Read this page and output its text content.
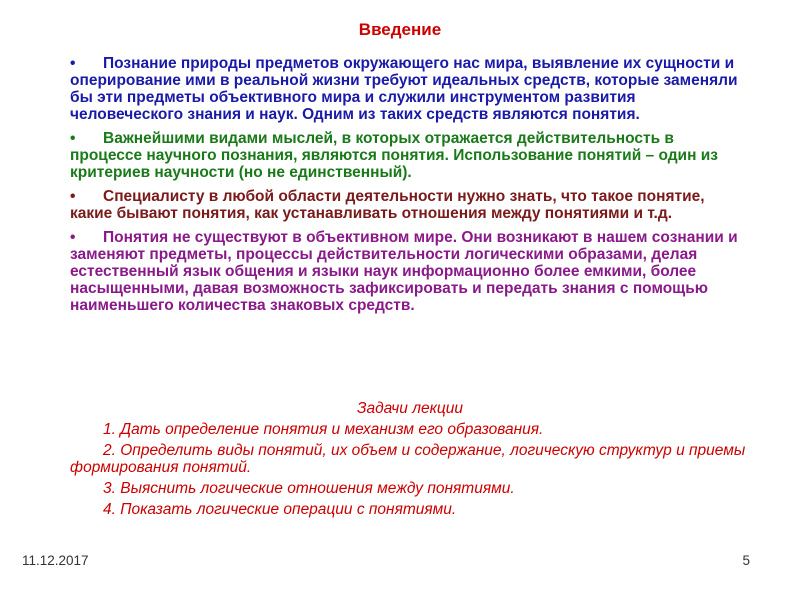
Введение
• Познание природы предметов окружающего нас мира, выявление их сущности и оперирование ими в реальной жизни требуют идеальных средств, которые заменяли бы эти предметы объективного мира и служили инструментом развития человеческого знания и наук. Одним из таких средств являются понятия.
• Важнейшими видами мыслей, в которых отражается действительность в процессе научного познания, являются понятия. Использование понятий – один из критериев научности (но не единственный).
• Специалисту в любой области деятельности нужно знать, что такое понятие, какие бывают понятия, как устанавливать отношения между понятиями и т.д.
• Понятия не существуют в объективном мире. Они возникают в нашем сознании и заменяют предметы, процессы действительности логическими образами, делая естественный язык общения и языки наук информационно более емкими, более насыщенными, давая возможность зафиксировать и передать знания с помощью наименьшего количества знаковых средств.
Задачи лекции
1. Дать определение понятия и механизм его образования.
2. Определить виды понятий, их объем и содержание, логическую структур и приемы формирования понятий.
3. Выяснить логические отношения между понятиями.
4. Показать логические операции с понятиями.
11.12.2017	5
